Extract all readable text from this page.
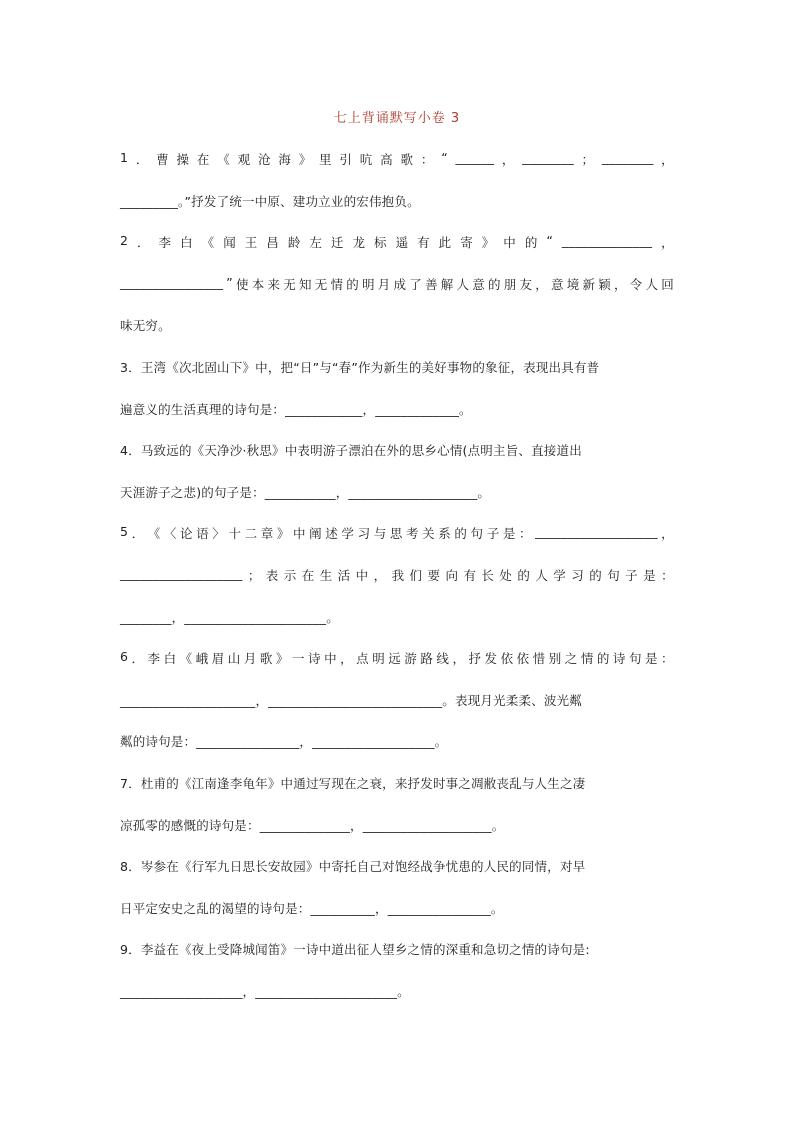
七上背诵默写小卷 3
1 ． 曹 操 在 《 观 沧 海 》 里 引 吭 高 歌 ： “ ______ ， ________ ； ________ ，
_________。”抒发了统一中原、建功立业的宏伟抱负。
2 ． 李 白 《 闻 王 昌 龄 左 迁 龙 标 遥 有 此 寄 》 中 的 “ ______________ ，
________________ ” 使 本 来 无 知 无 情 的 明 月 成 了 善 解 人 意 的 朋 友 ， 意 境 新 颖 ， 令 人 回
味无穷。
3．王湾《次北固山下》中，把“日”与“春”作为新生的美好事物的象征，表现出具有普
遍意义的生活真理的诗句是：____________，_____________。
4．马致远的《天净沙·秋思》中表明游子漂泊在外的思乡心情(点明主旨、直接道出
天涯游子之悲)的句子是：___________，____________________。
5 ． 《 〈 论 语 〉 十 二 章 》 中 阐 述 学 习 与 思 考 关 系 的 句 子 是 ： ___________________ ，
___________________ ； 表 示 在 生 活 中 ， 我 们 要 向 有 长 处 的 人 学 习 的 句 子 是 ：
________，______________________。
6 ． 李 白 《 峨 眉 山 月 歌 》 一 诗 中 ， 点 明 远 游 路 线 ， 抒 发 依 依 惜 别 之 情 的 诗 句 是 ：
_____________________，___________________________。表现月光柔柔、波光粼
粼的诗句是：________________，___________________。
7．杜甫的《江南逢李龟年》中通过写现在之衰，来抒发时事之凋敝丧乱与人生之凄
凉孤零的感慨的诗句是：______________，____________________。
8．岑参在《行军九日思长安故园》中寄托自己对饱经战争忧患的人民的同情，对早
日平定安史之乱的渴望的诗句是：__________，________________。
9．李益在《夜上受降城闻笛》一诗中道出征人望乡之情的深重和急切之情的诗句是:
___________________，______________________。
